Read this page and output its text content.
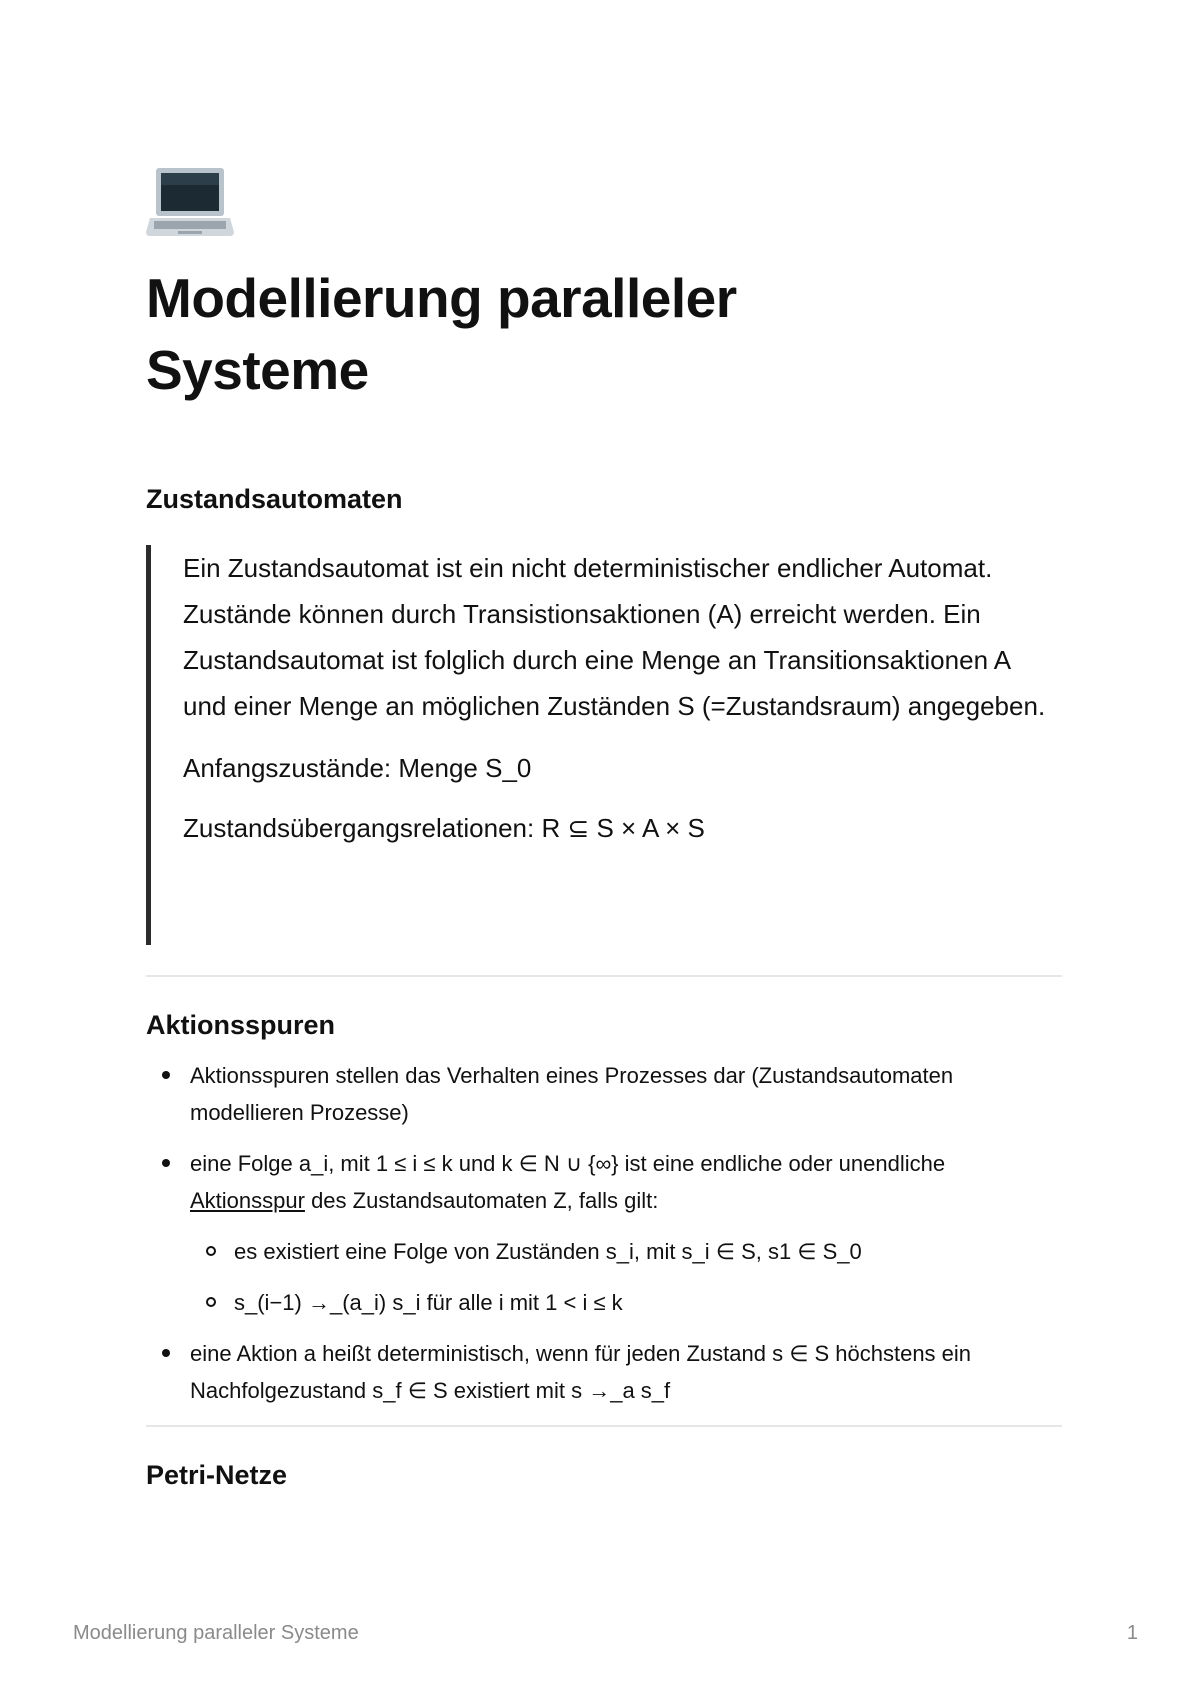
Modellierung paralleler Systeme
Zustandsautomaten

Ein Zustandsautomat ist ein nicht deterministischer endlicher Automat. Zustände können durch Transistionsaktionen (A) erreicht werden. Ein Zustandsautomat ist folglich durch eine Menge an Transitionsaktionen A
und einer Menge an möglichen Zuständen S (=Zustandsraum) angegeben.

Anfangszustände: Menge S_0

Zustandsübergangsrelationen: R ⊆ S × A × S

Aktionsspuren
Aktionsspuren stellen das Verhalten eines Prozesses dar (Zustandsautomaten modellieren Prozesse)
eine Folge a_i, mit 1 ≤ i ≤ k und k ∈ N ∪ {∞} ist eine endliche oder unendliche Aktionsspur des Zustandsautomaten Z, falls gilt:
es existiert eine Folge von Zuständen s_i, mit s_i ∈ S, s1 ∈ S_0
s_(i−1) →_(a_i) s_i für alle i mit 1 < i ≤ k
eine Aktion a heißt deterministisch, wenn für jeden Zustand s ∈ S höchstens ein Nachfolgezustand s_f ∈ S existiert mit s →_a s_f
Petri-Netze
Modellierung paralleler Systeme	1
